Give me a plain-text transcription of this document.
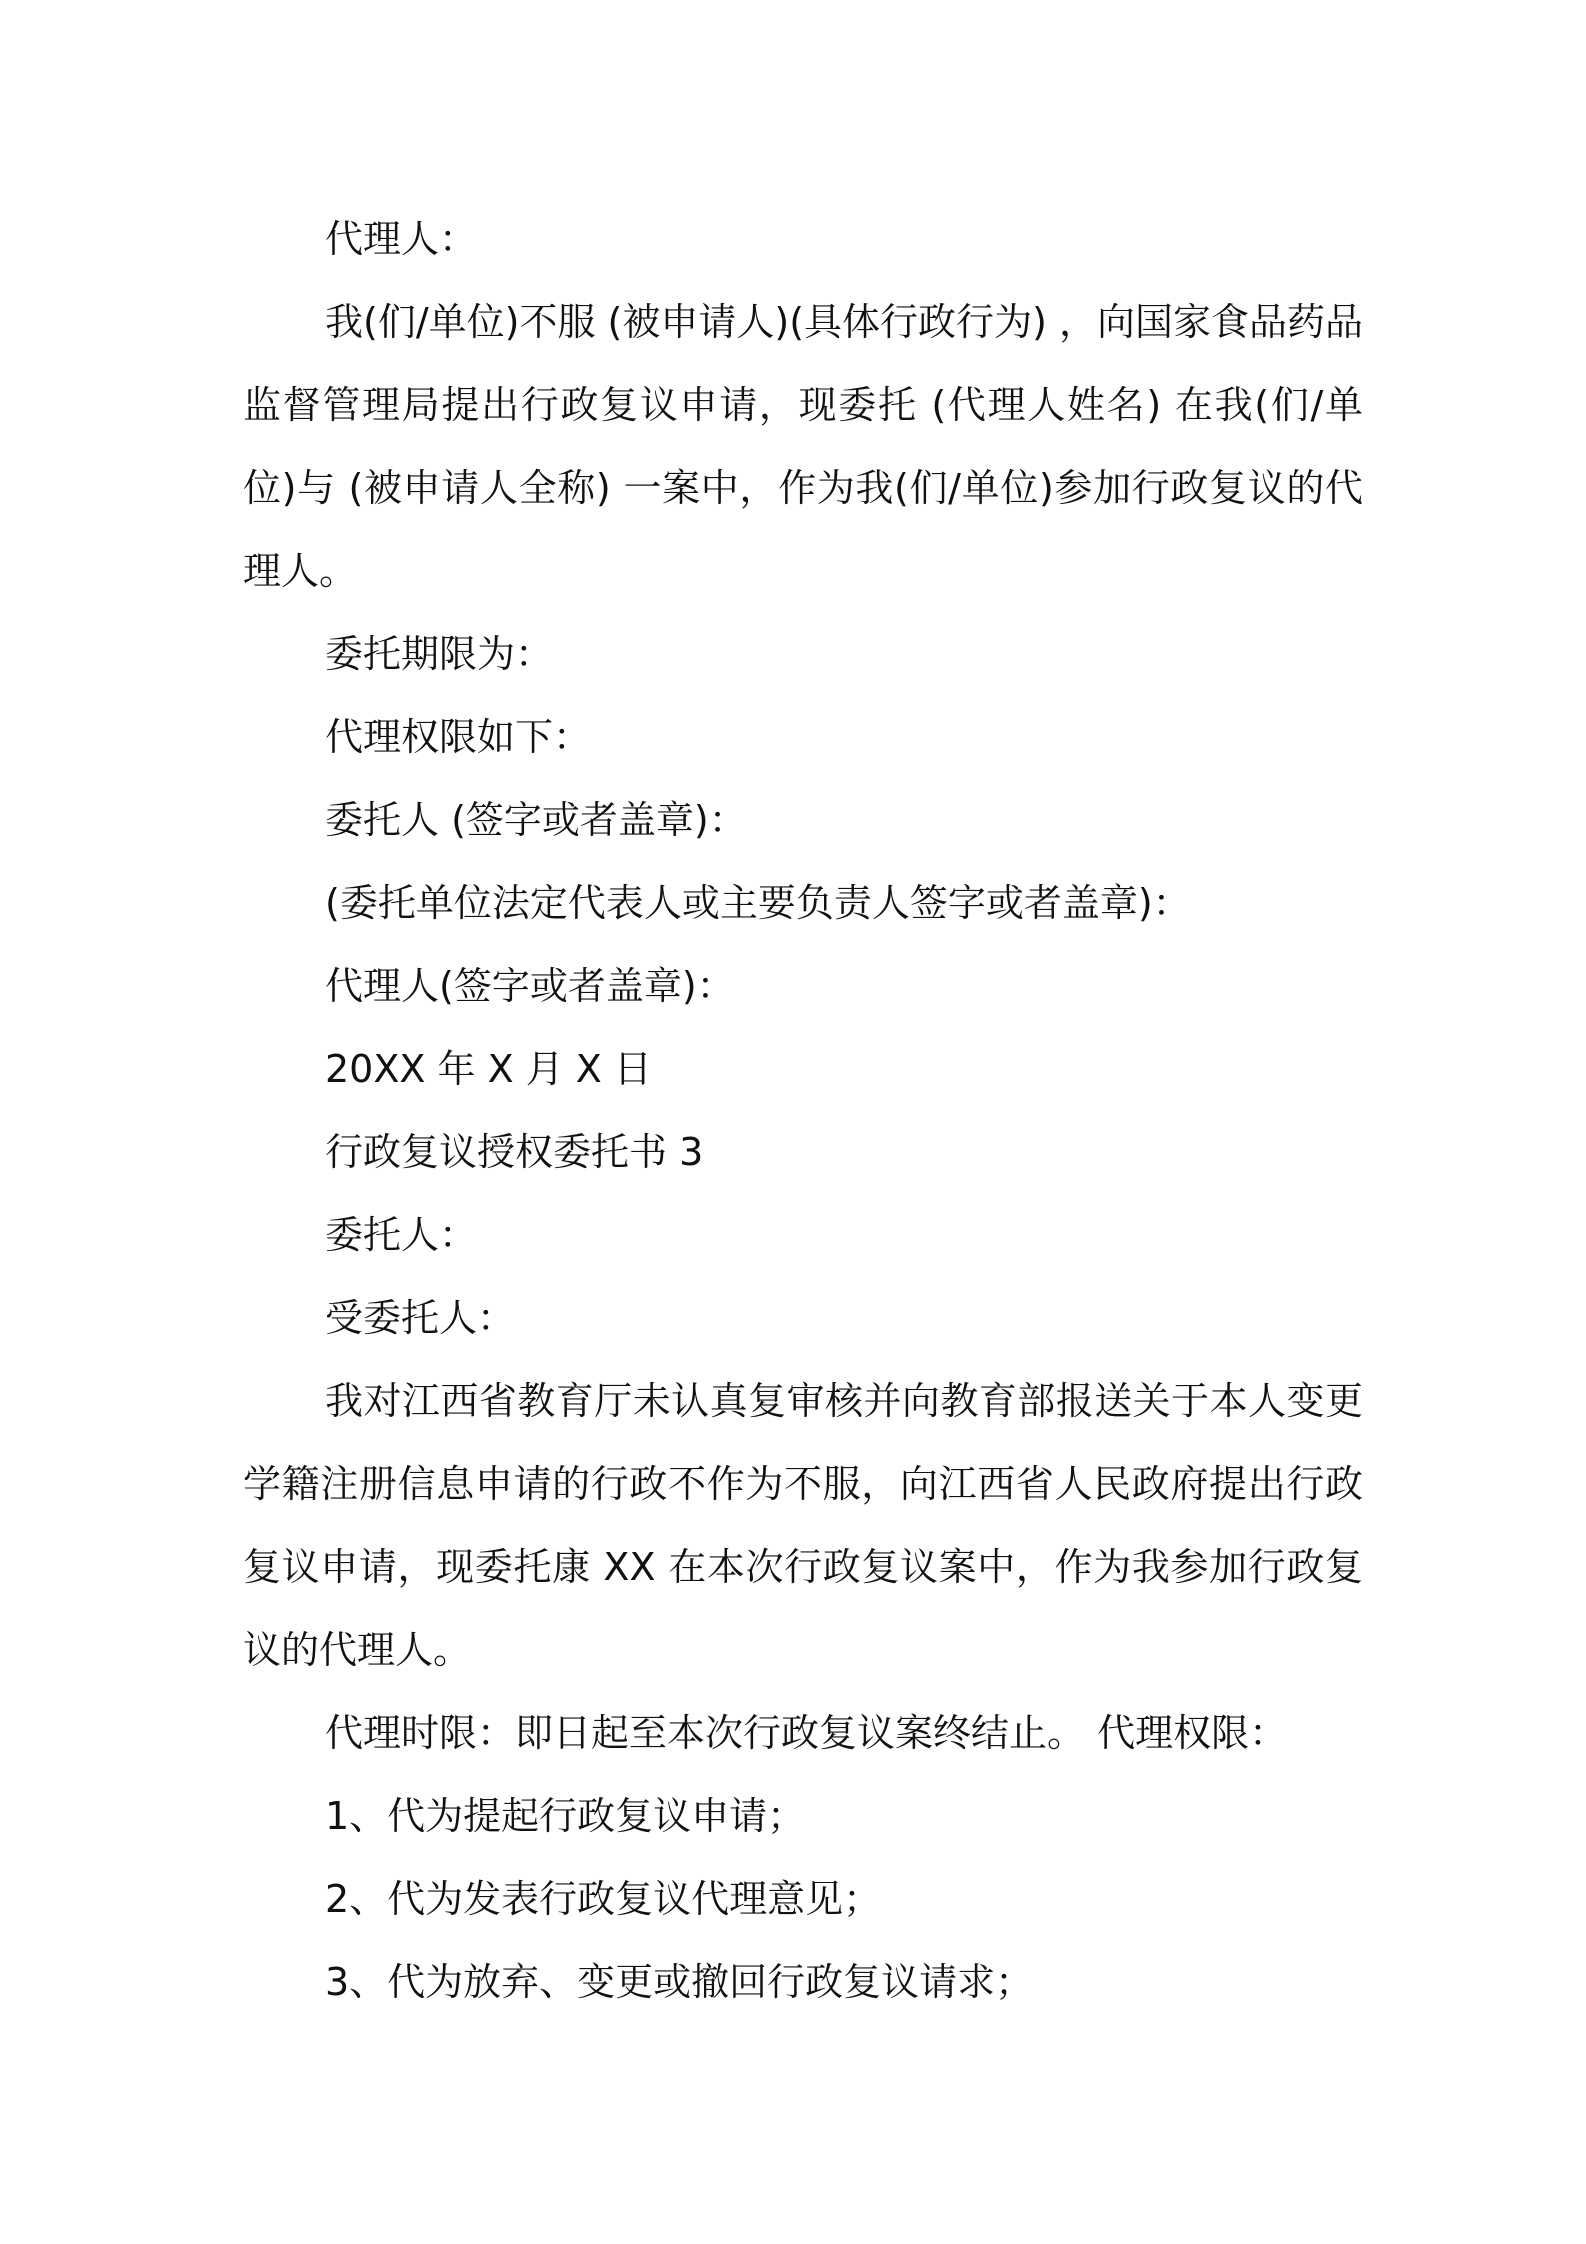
代理人：

我(们/单位)不服 (被申请人)(具体行政行为) ，向国家食品药品监督管理局提出行政复议申请，现委托 (代理人姓名) 在我(们/单位)与 (被申请人全称) 一案中，作为我(们/单位)参加行政复议的代理人。

委托期限为：
代理权限如下：
委托人 (签字或者盖章)：
(委托单位法定代表人或主要负责人签字或者盖章)：
代理人(签字或者盖章)：
20XX 年 X 月 X 日
行政复议授权委托书 3
委托人：
受委托人：

我对江西省教育厅未认真复审核并向教育部报送关于本人变更学籍注册信息申请的行政不作为不服，向江西省人民政府提出行政复议申请，现委托康 XX 在本次行政复议案中，作为我参加行政复议的代理人。

代理时限：即日起至本次行政复议案终结止。 代理权限：
1、代为提起行政复议申请；
2、代为发表行政复议代理意见；
3、代为放弃、变更或撤回行政复议请求；
